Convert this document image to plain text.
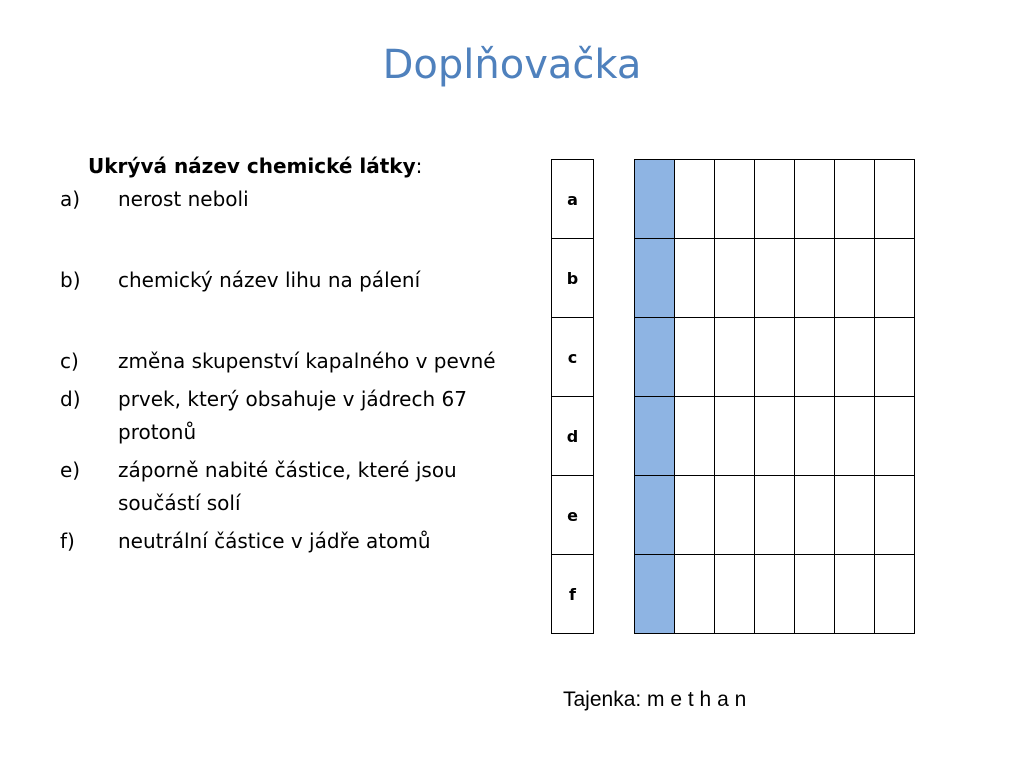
Doplňovačka
Ukrývá název chemické látky:
a)	nerost neboli
b)	chemický název lihu na pálení
c)	změna skupenství kapalného v pevné
d)	prvek, který obsahuje v jádrech 67 protonů
e)	záporně nabité částice, které jsou součástí solí
f)	neutrální částice v jádře atomů
a
b
c
d
e
f

Tajenka: m e t h a n
